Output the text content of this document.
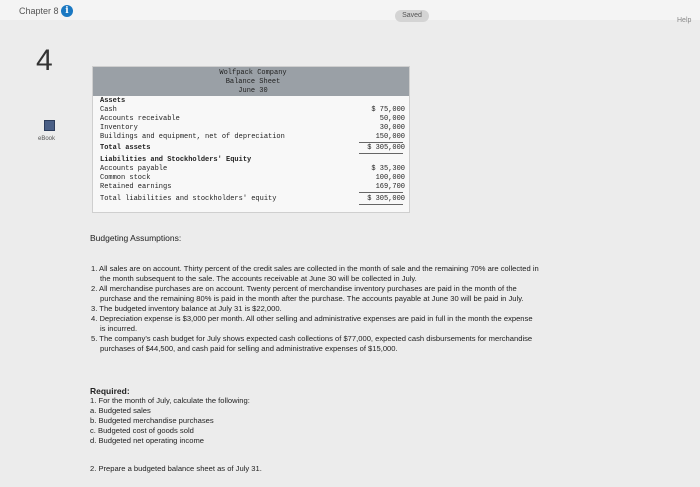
Chapter 8 i	Saved
Help
4
eBook
Wolfpack Company
Balance Sheet
June 30
Assets
Cash	$ 75,000
Accounts receivable	50,000
Inventory	30,000
Buildings and equipment, net of depreciation	150,000
Total assets	$ 305,000
Liabilities and Stockholders' Equity
Accounts payable	$ 35,300
Common stock	100,000
Retained earnings	169,700
Total liabilities and stockholders' equity	$ 305,000
Budgeting Assumptions:
1. All sales are on account. Thirty percent of the credit sales are collected in the month of sale and the remaining 70% are collected in
the month subsequent to the sale. The accounts receivable at June 30 will be collected in July.
2. All merchandise purchases are on account. Twenty percent of merchandise inventory purchases are paid in the month of the
purchase and the remaining 80% is paid in the month after the purchase. The accounts payable at June 30 will be paid in July.
3. The budgeted inventory balance at July 31 is $22,000.
4. Depreciation expense is $3,000 per month. All other selling and administrative expenses are paid in full in the month the expense
is incurred.
5. The company's cash budget for July shows expected cash collections of $77,000, expected cash disbursements for merchandise
purchases of $44,500, and cash paid for selling and administrative expenses of $15,000.
Required:
1. For the month of July, calculate the following:
a. Budgeted sales
b. Budgeted merchandise purchases
c. Budgeted cost of goods sold
d. Budgeted net operating income
2. Prepare a budgeted balance sheet as of July 31.
